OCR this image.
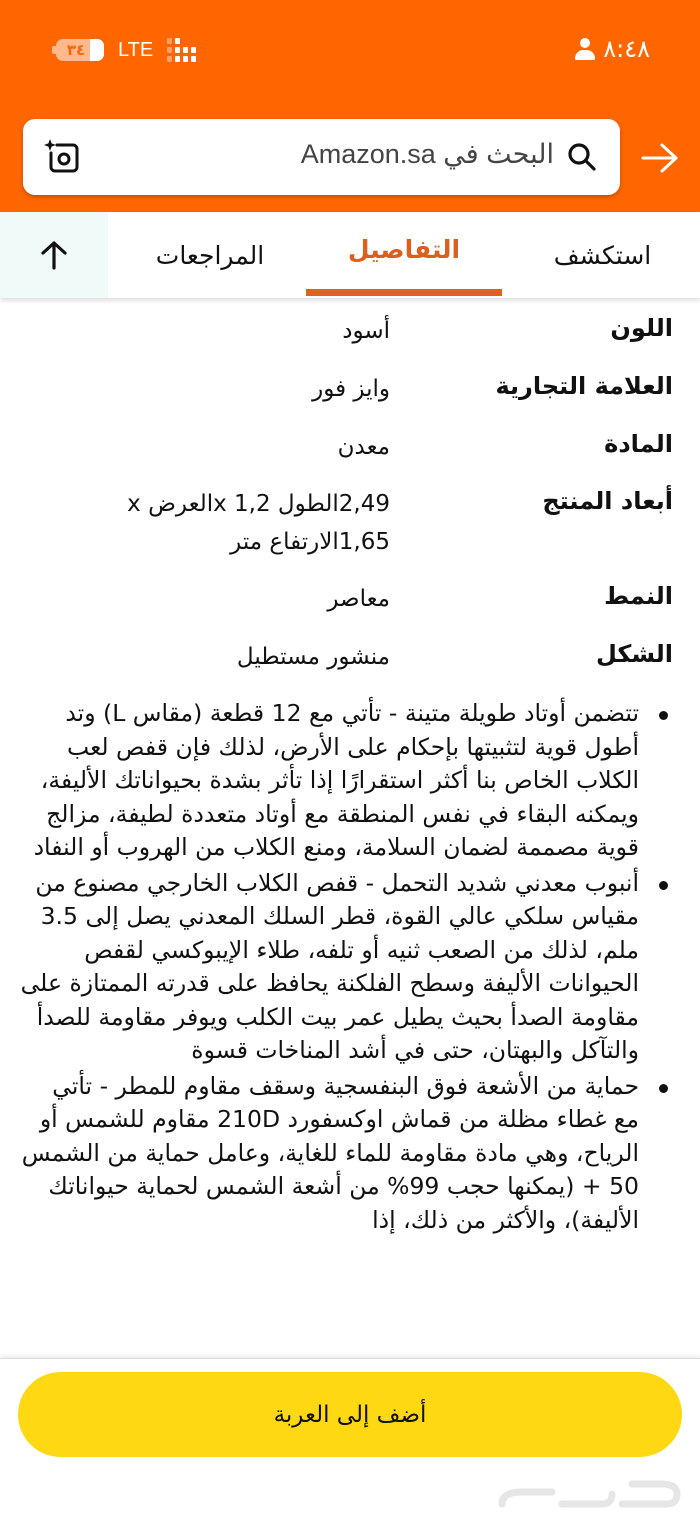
٣٤ LTE	٨:٤٨
البحث في Amazon.sa
المراجعات	التفاصيل	استكشف
اللون
أسود
العلامة التجارية
وايز فور
المادة
معدن
أبعاد المنتج
2,49الطول x 1,2العرض x 1,65الارتفاع متر
النمط
معاصر
الشكل
منشور مستطيل
تتضمن أوتاد طويلة متينة - تأتي مع 12 قطعة (مقاس L) وتد أطول قوية لتثبيتها بإحكام على الأرض، لذلك فإن قفص لعب الكلاب الخاص بنا أكثر استقرارًا إذا تأثر بشدة بحيواناتك الأليفة، ويمكنه البقاء في نفس المنطقة مع أوتاد متعددة لطيفة، مزالج قوية مصممة لضمان السلامة، ومنع الكلاب من الهروب أو النفاد
أنبوب معدني شديد التحمل - قفص الكلاب الخارجي مصنوع من مقياس سلكي عالي القوة، قطر السلك المعدني يصل إلى 3.5 ملم، لذلك من الصعب ثنيه أو تلفه، طلاء الإيبوكسي لقفص الحيوانات الأليفة وسطح الفلكنة يحافظ على قدرته الممتازة على مقاومة الصدأ بحيث يطيل عمر بيت الكلب ويوفر مقاومة للصدأ والتآكل والبهتان، حتى في أشد المناخات قسوة
حماية من الأشعة فوق البنفسجية وسقف مقاوم للمطر - تأتي مع غطاء مظلة من قماش اوكسفورد 210D مقاوم للشمس أو الرياح، وهي مادة مقاومة للماء للغاية، وعامل حماية من الشمس 50 + (يمكنها حجب 99% من أشعة الشمس لحماية حيواناتك الأليفة)، والأكثر من ذلك، إذا
أضف إلى العربة
